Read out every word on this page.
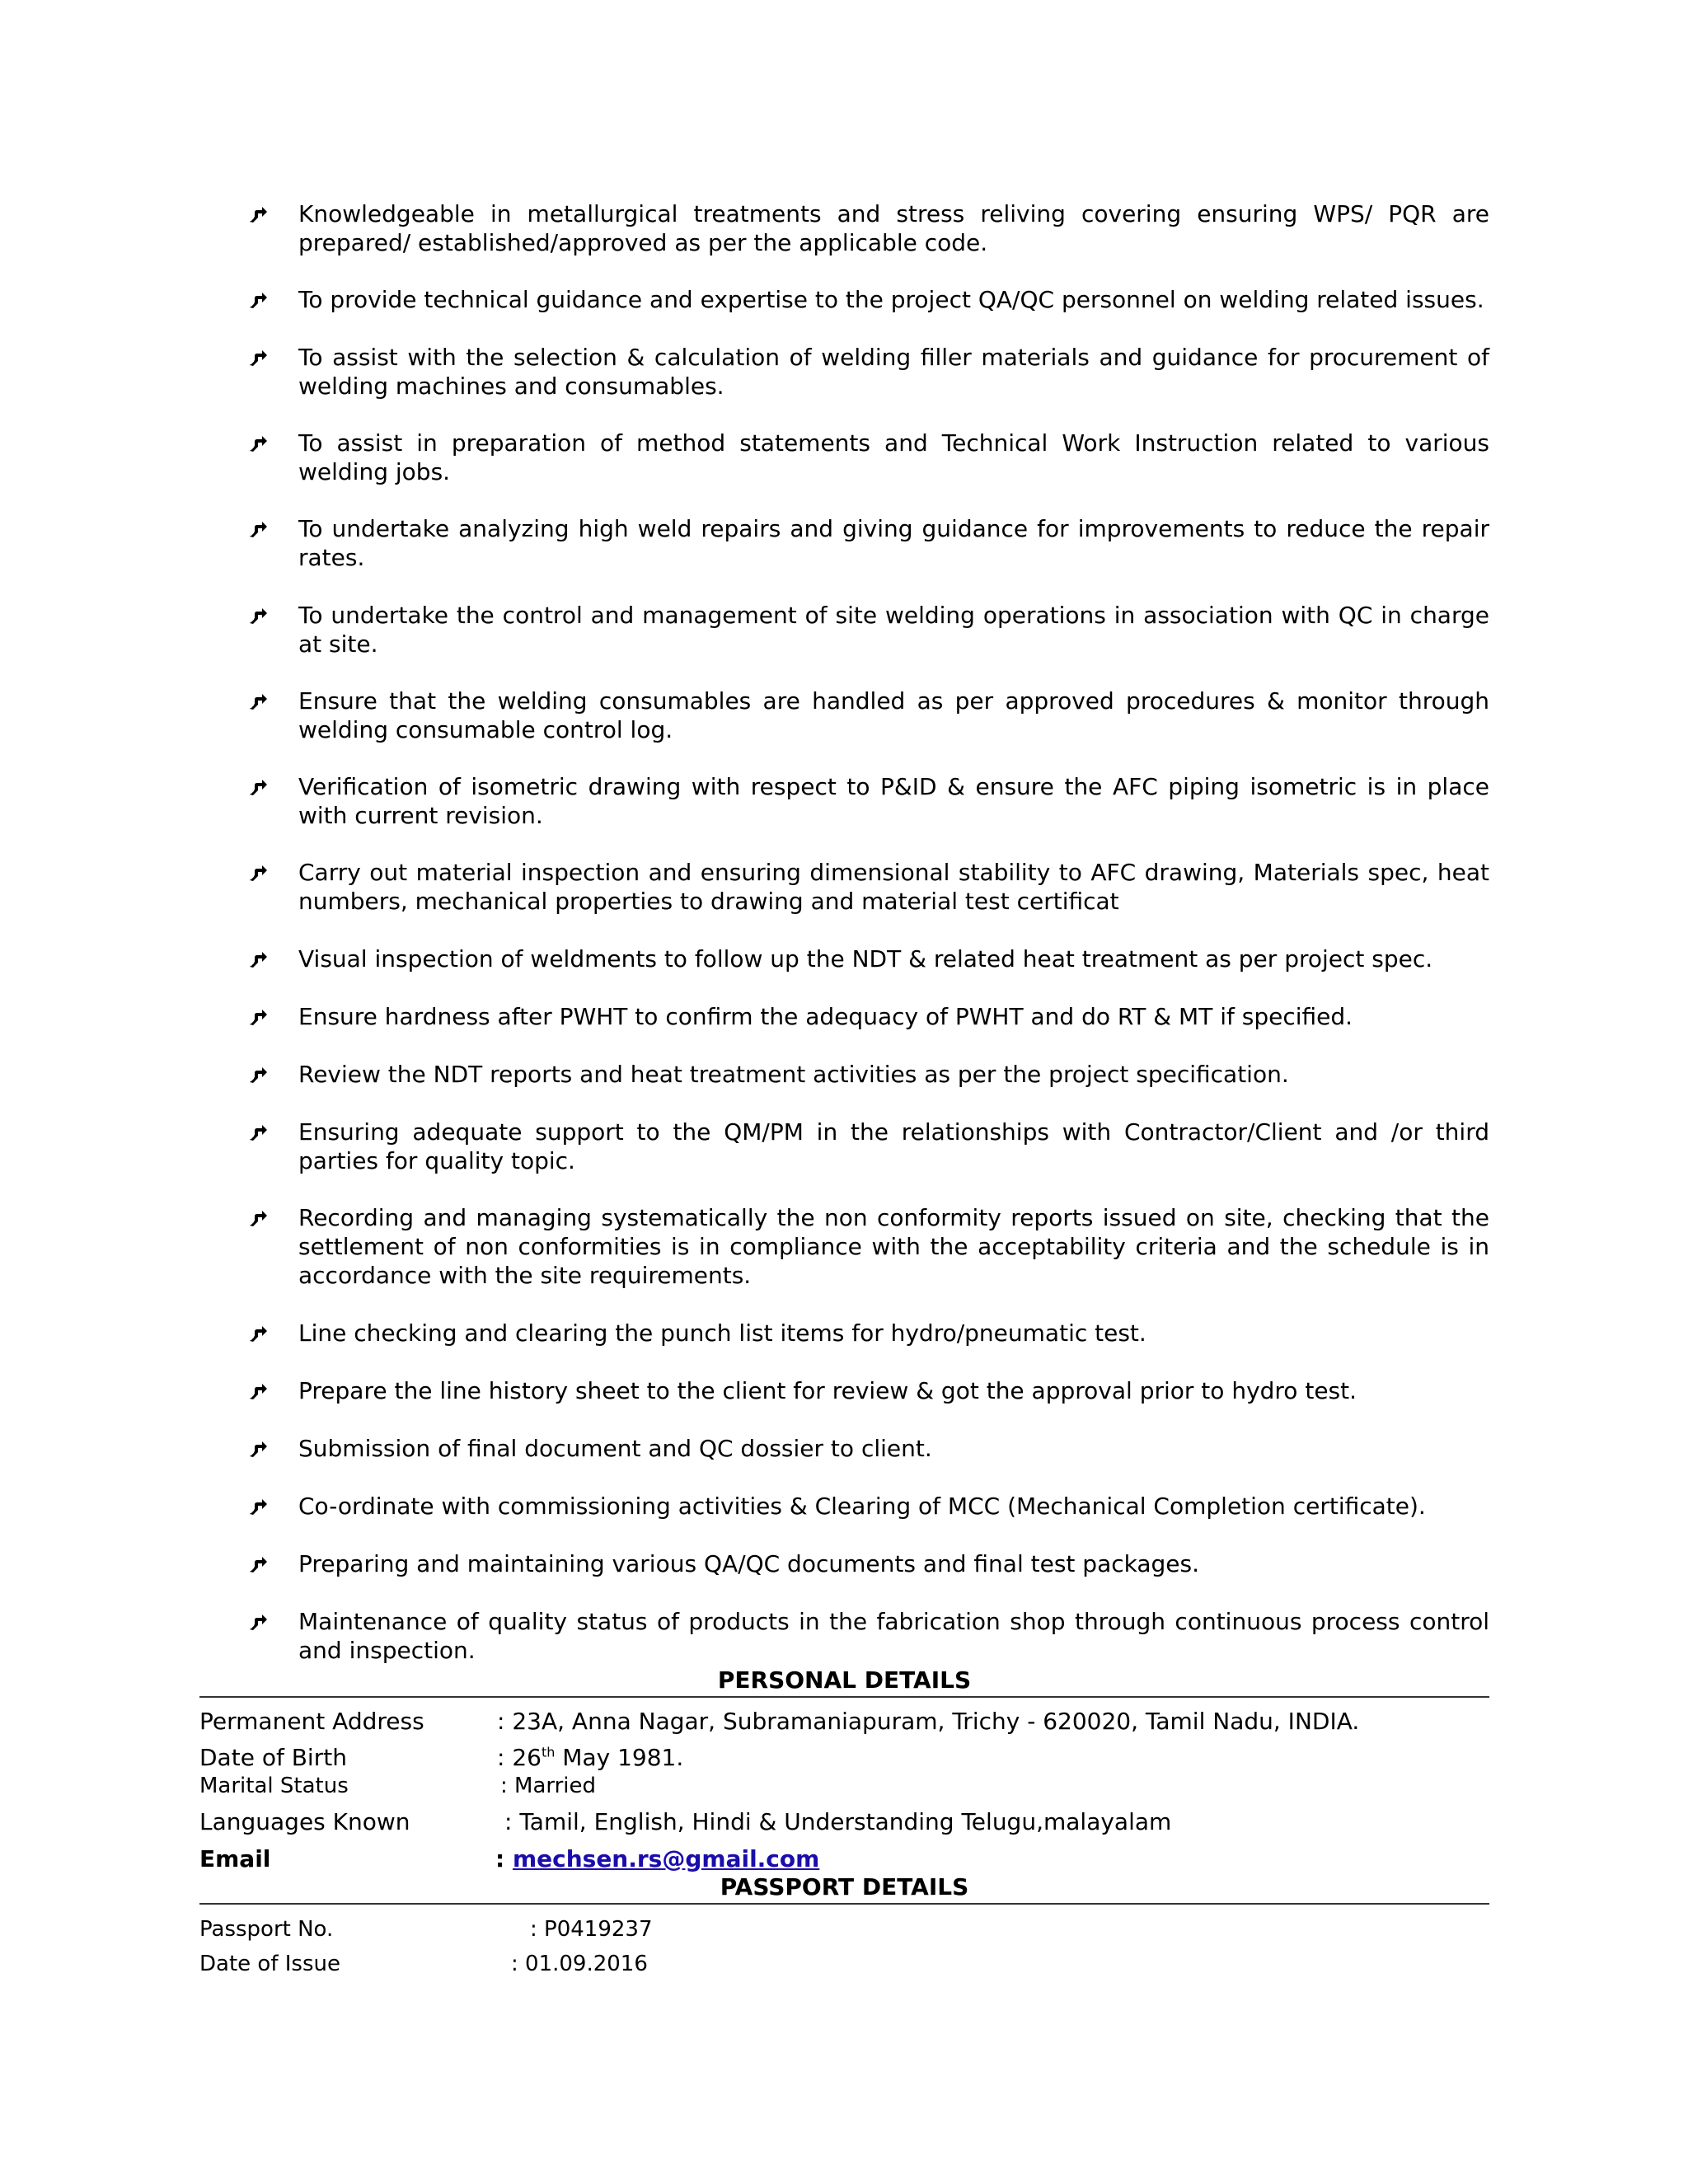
Knowledgeable in metallurgical treatments and stress reliving covering ensuring WPS/ PQR are prepared/ established/approved as per the applicable code.
To provide technical guidance and expertise to the project QA/QC personnel on welding related issues.
To assist with the selection & calculation of welding filler materials and guidance for procurement of welding machines and consumables.
To assist in preparation of method statements and Technical Work Instruction related to various welding jobs.
To undertake analyzing high weld repairs and giving guidance for improvements to reduce the repair rates.
To undertake the control and management of site welding operations in association with QC in charge at site.
Ensure that the welding consumables are handled as per approved procedures & monitor through welding consumable control log.
Verification of isometric drawing with respect to P&ID & ensure the AFC piping isometric is in place with current revision.
Carry out material inspection and ensuring dimensional stability to AFC drawing, Materials spec, heat numbers, mechanical properties to drawing and material test certificat
Visual inspection of weldments to follow up the NDT & related heat treatment as per project spec.
Ensure hardness after PWHT to confirm the adequacy of PWHT and do RT & MT if specified.
Review the NDT reports and heat treatment activities as per the project specification.
Ensuring adequate support to the QM/PM in the relationships with Contractor/Client and /or third parties for quality topic.
Recording and managing systematically the non conformity reports issued on site, checking that the settlement of non conformities is in compliance with the acceptability criteria and the schedule is in accordance with the site requirements.
Line checking and clearing the punch list items for hydro/pneumatic test.
Prepare the line history sheet to the client for review & got the approval prior to hydro test.
Submission of final document and QC dossier to client.
Co-ordinate with commissioning activities & Clearing of MCC (Mechanical Completion certificate).
Preparing and maintaining various QA/QC documents and final test packages.
Maintenance of quality status of products in the fabrication shop through continuous process control and inspection.
PERSONAL DETAILS
Permanent Address	: 23A, Anna Nagar, Subramaniapuram, Trichy - 620020, Tamil Nadu, INDIA.
Date of Birth	: 26th May 1981.
Marital Status	: Married
Languages Known	: Tamil, English, Hindi & Understanding Telugu,malayalam
Email	: mechsen.rs@gmail.com
PASSPORT DETAILS
Passport No.	: P0419237
Date of Issue	: 01.09.2016
